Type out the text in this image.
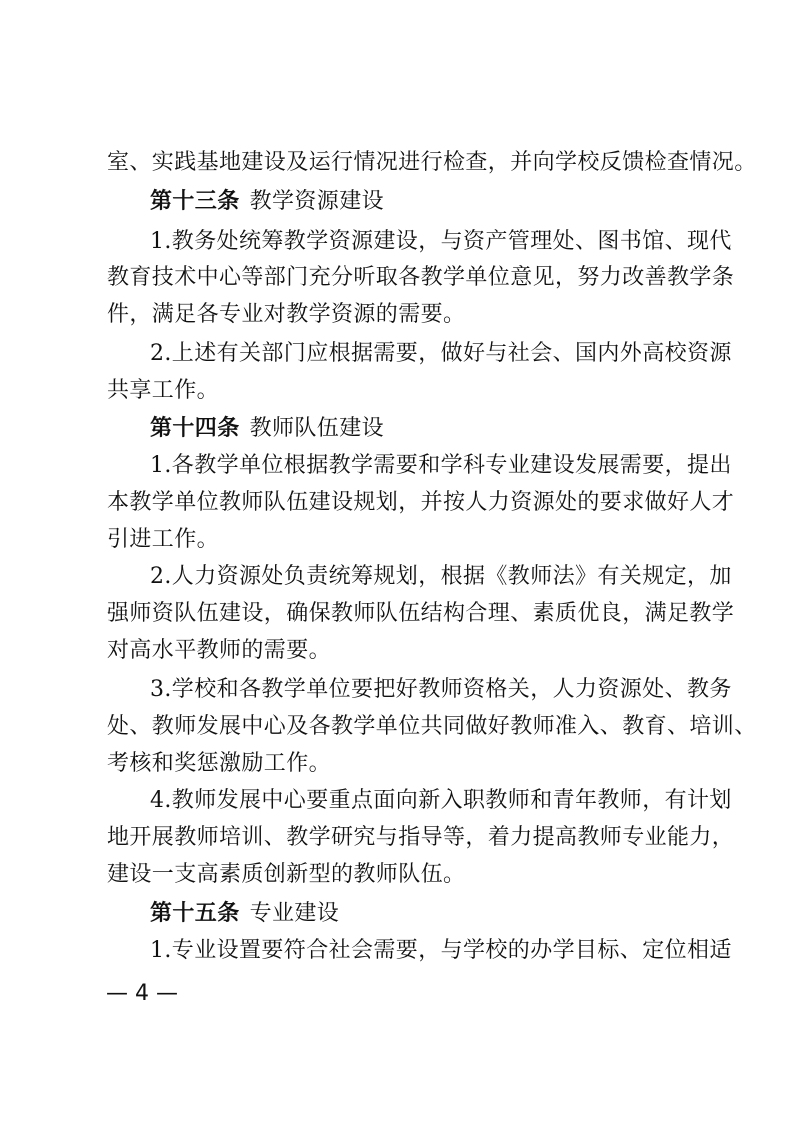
室、实践基地建设及运行情况进行检查，并向学校反馈检查情况。
第十三条 教学资源建设
1.教务处统筹教学资源建设，与资产管理处、图书馆、现代
教育技术中心等部门充分听取各教学单位意见，努力改善教学条
件，满足各专业对教学资源的需要。
2.上述有关部门应根据需要，做好与社会、国内外高校资源
共享工作。
第十四条 教师队伍建设
1.各教学单位根据教学需要和学科专业建设发展需要，提出
本教学单位教师队伍建设规划，并按人力资源处的要求做好人才
引进工作。
2.人力资源处负责统筹规划，根据《教师法》有关规定，加
强师资队伍建设，确保教师队伍结构合理、素质优良，满足教学
对高水平教师的需要。
3.学校和各教学单位要把好教师资格关，人力资源处、教务
处、教师发展中心及各教学单位共同做好教师准入、教育、培训、
考核和奖惩激励工作。
4.教师发展中心要重点面向新入职教师和青年教师，有计划
地开展教师培训、教学研究与指导等，着力提高教师专业能力，
建设一支高素质创新型的教师队伍。
第十五条 专业建设
1.专业设置要符合社会需要，与学校的办学目标、定位相适
— 4 —
